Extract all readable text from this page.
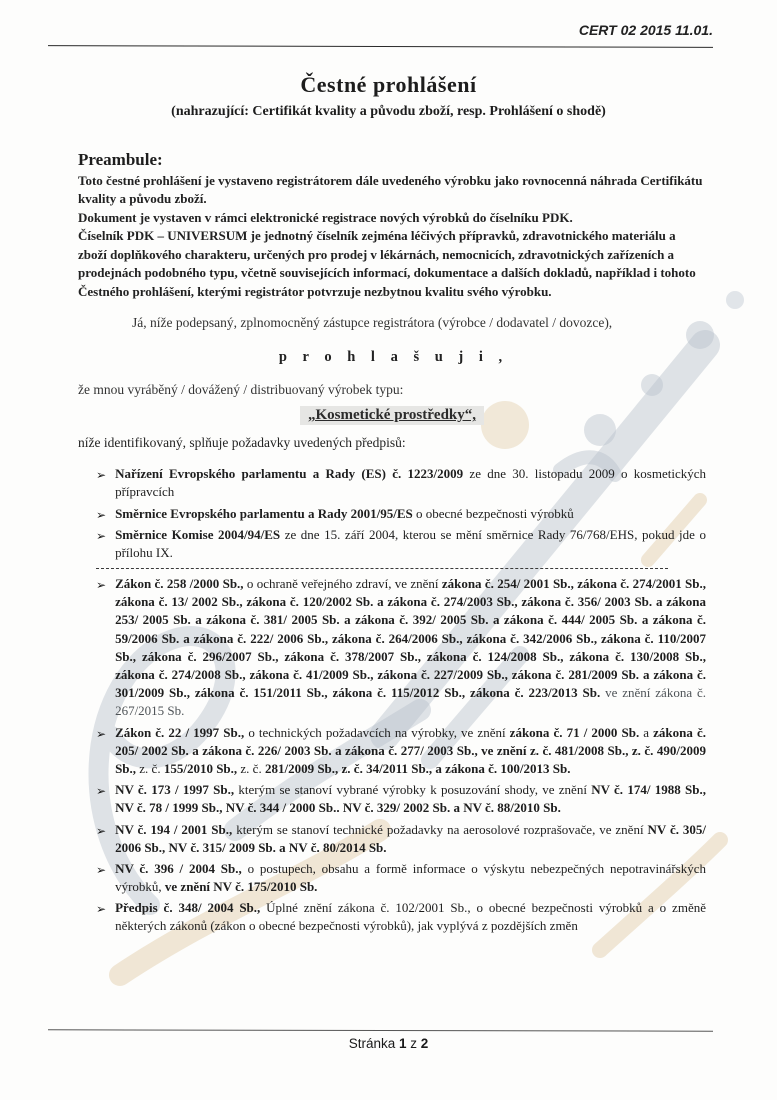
CERT 02 2015 11.01.
Čestné prohlášení
(nahrazující: Certifikát kvality a původu zboží, resp. Prohlášení o shodě)
Preambule:
Toto čestné prohlášení je vystaveno registrátorem dále uvedeného výrobku jako rovnocenná náhrada Certifikátu kvality a původu zboží.
Dokument je vystaven v rámci elektronické registrace nových výrobků do číselníku PDK.
Číselník PDK – UNIVERSUM je jednotný číselník zejména léčivých přípravků, zdravotnického materiálu a zboží doplňkového charakteru, určených pro prodej v lékárnách, nemocnicích, zdravotnických zařízeních a prodejnách podobného typu, včetně souvisejících informací, dokumentace a dalších dokladů, například i tohoto Čestného prohlášení, kterými registrátor potvrzuje nezbytnou kvalitu svého výrobku.
Já, níže podepsaný, zplnomocněný zástupce registrátora (výrobce / dodavatel / dovozce),
p r o h l a š u j i ,
že mnou vyráběný / dovážený / distribuovaný výrobek typu:
„Kosmetické prostředky“,
níže identifikovaný, splňuje požadavky uvedených předpisů:
➢ Nařízení Evropského parlamentu a Rady (ES) č. 1223/2009 ze dne 30. listopadu 2009 o kosmetických přípravcích
➢ Směrnice Evropského parlamentu a Rady 2001/95/ES o obecné bezpečnosti výrobků
➢ Směrnice Komise 2004/94/ES ze dne 15. září 2004, kterou se mění směrnice Rady 76/768/EHS, pokud jde o přílohu IX.
➢ Zákon č. 258 /2000 Sb., o ochraně veřejného zdraví, ve znění zákona č. 254/ 2001 Sb., zákona č. 274/2001 Sb., zákona č. 13/ 2002 Sb., zákona č. 120/2002 Sb. a zákona č. 274/2003 Sb., zákona č. 356/ 2003 Sb. a zákona 253/ 2005 Sb. a zákona č. 381/ 2005 Sb. a zákona č. 392/ 2005 Sb. a zákona č. 444/ 2005 Sb. a zákona č. 59/2006 Sb. a zákona č. 222/ 2006 Sb., zákona č. 264/2006 Sb., zákona č. 342/2006 Sb., zákona č. 110/2007 Sb., zákona č. 296/2007 Sb., zákona č. 378/2007 Sb., zákona č. 124/2008 Sb., zákona č. 130/2008 Sb., zákona č. 274/2008 Sb., zákona č. 41/2009 Sb., zákona č. 227/2009 Sb., zákona č. 281/2009 Sb. a zákona č. 301/2009 Sb., zákona č. 151/2011 Sb., zákona č. 115/2012 Sb., zákona č. 223/2013 Sb. ve znění zákona č. 267/2015 Sb.
➢ Zákon č. 22 / 1997 Sb., o technických požadavcích na výrobky, ve znění zákona č. 71 / 2000 Sb. a zákona č. 205/ 2002 Sb. a zákona č. 226/ 2003 Sb. a zákona č. 277/ 2003 Sb., ve znění z. č. 481/2008 Sb., z. č. 490/2009 Sb., z. č. 155/2010 Sb., z. č. 281/2009 Sb., z. č. 34/2011 Sb., a zákona č. 100/2013 Sb.
➢ NV č. 173 / 1997 Sb., kterým se stanoví vybrané výrobky k posuzování shody, ve znění NV č. 174/ 1988 Sb., NV č. 78 / 1999 Sb., NV č. 344 / 2000 Sb.. NV č. 329/ 2002 Sb. a NV č. 88/2010 Sb.
➢ NV č. 194 / 2001 Sb., kterým se stanoví technické požadavky na aerosolové rozprašovače, ve znění NV č. 305/ 2006 Sb., NV č. 315/ 2009 Sb. a NV č. 80/2014 Sb.
➢ NV č. 396 / 2004 Sb., o postupech, obsahu a formě informace o výskytu nebezpečných nepotravinářských výrobků, ve znění NV č. 175/2010 Sb.
➢ Předpis č. 348/ 2004 Sb., Úplné znění zákona č. 102/2001 Sb., o obecné bezpečnosti výrobků a o změně některých zákonů (zákon o obecné bezpečnosti výrobků), jak vyplývá z pozdějších změn
Stránka 1 z 2
